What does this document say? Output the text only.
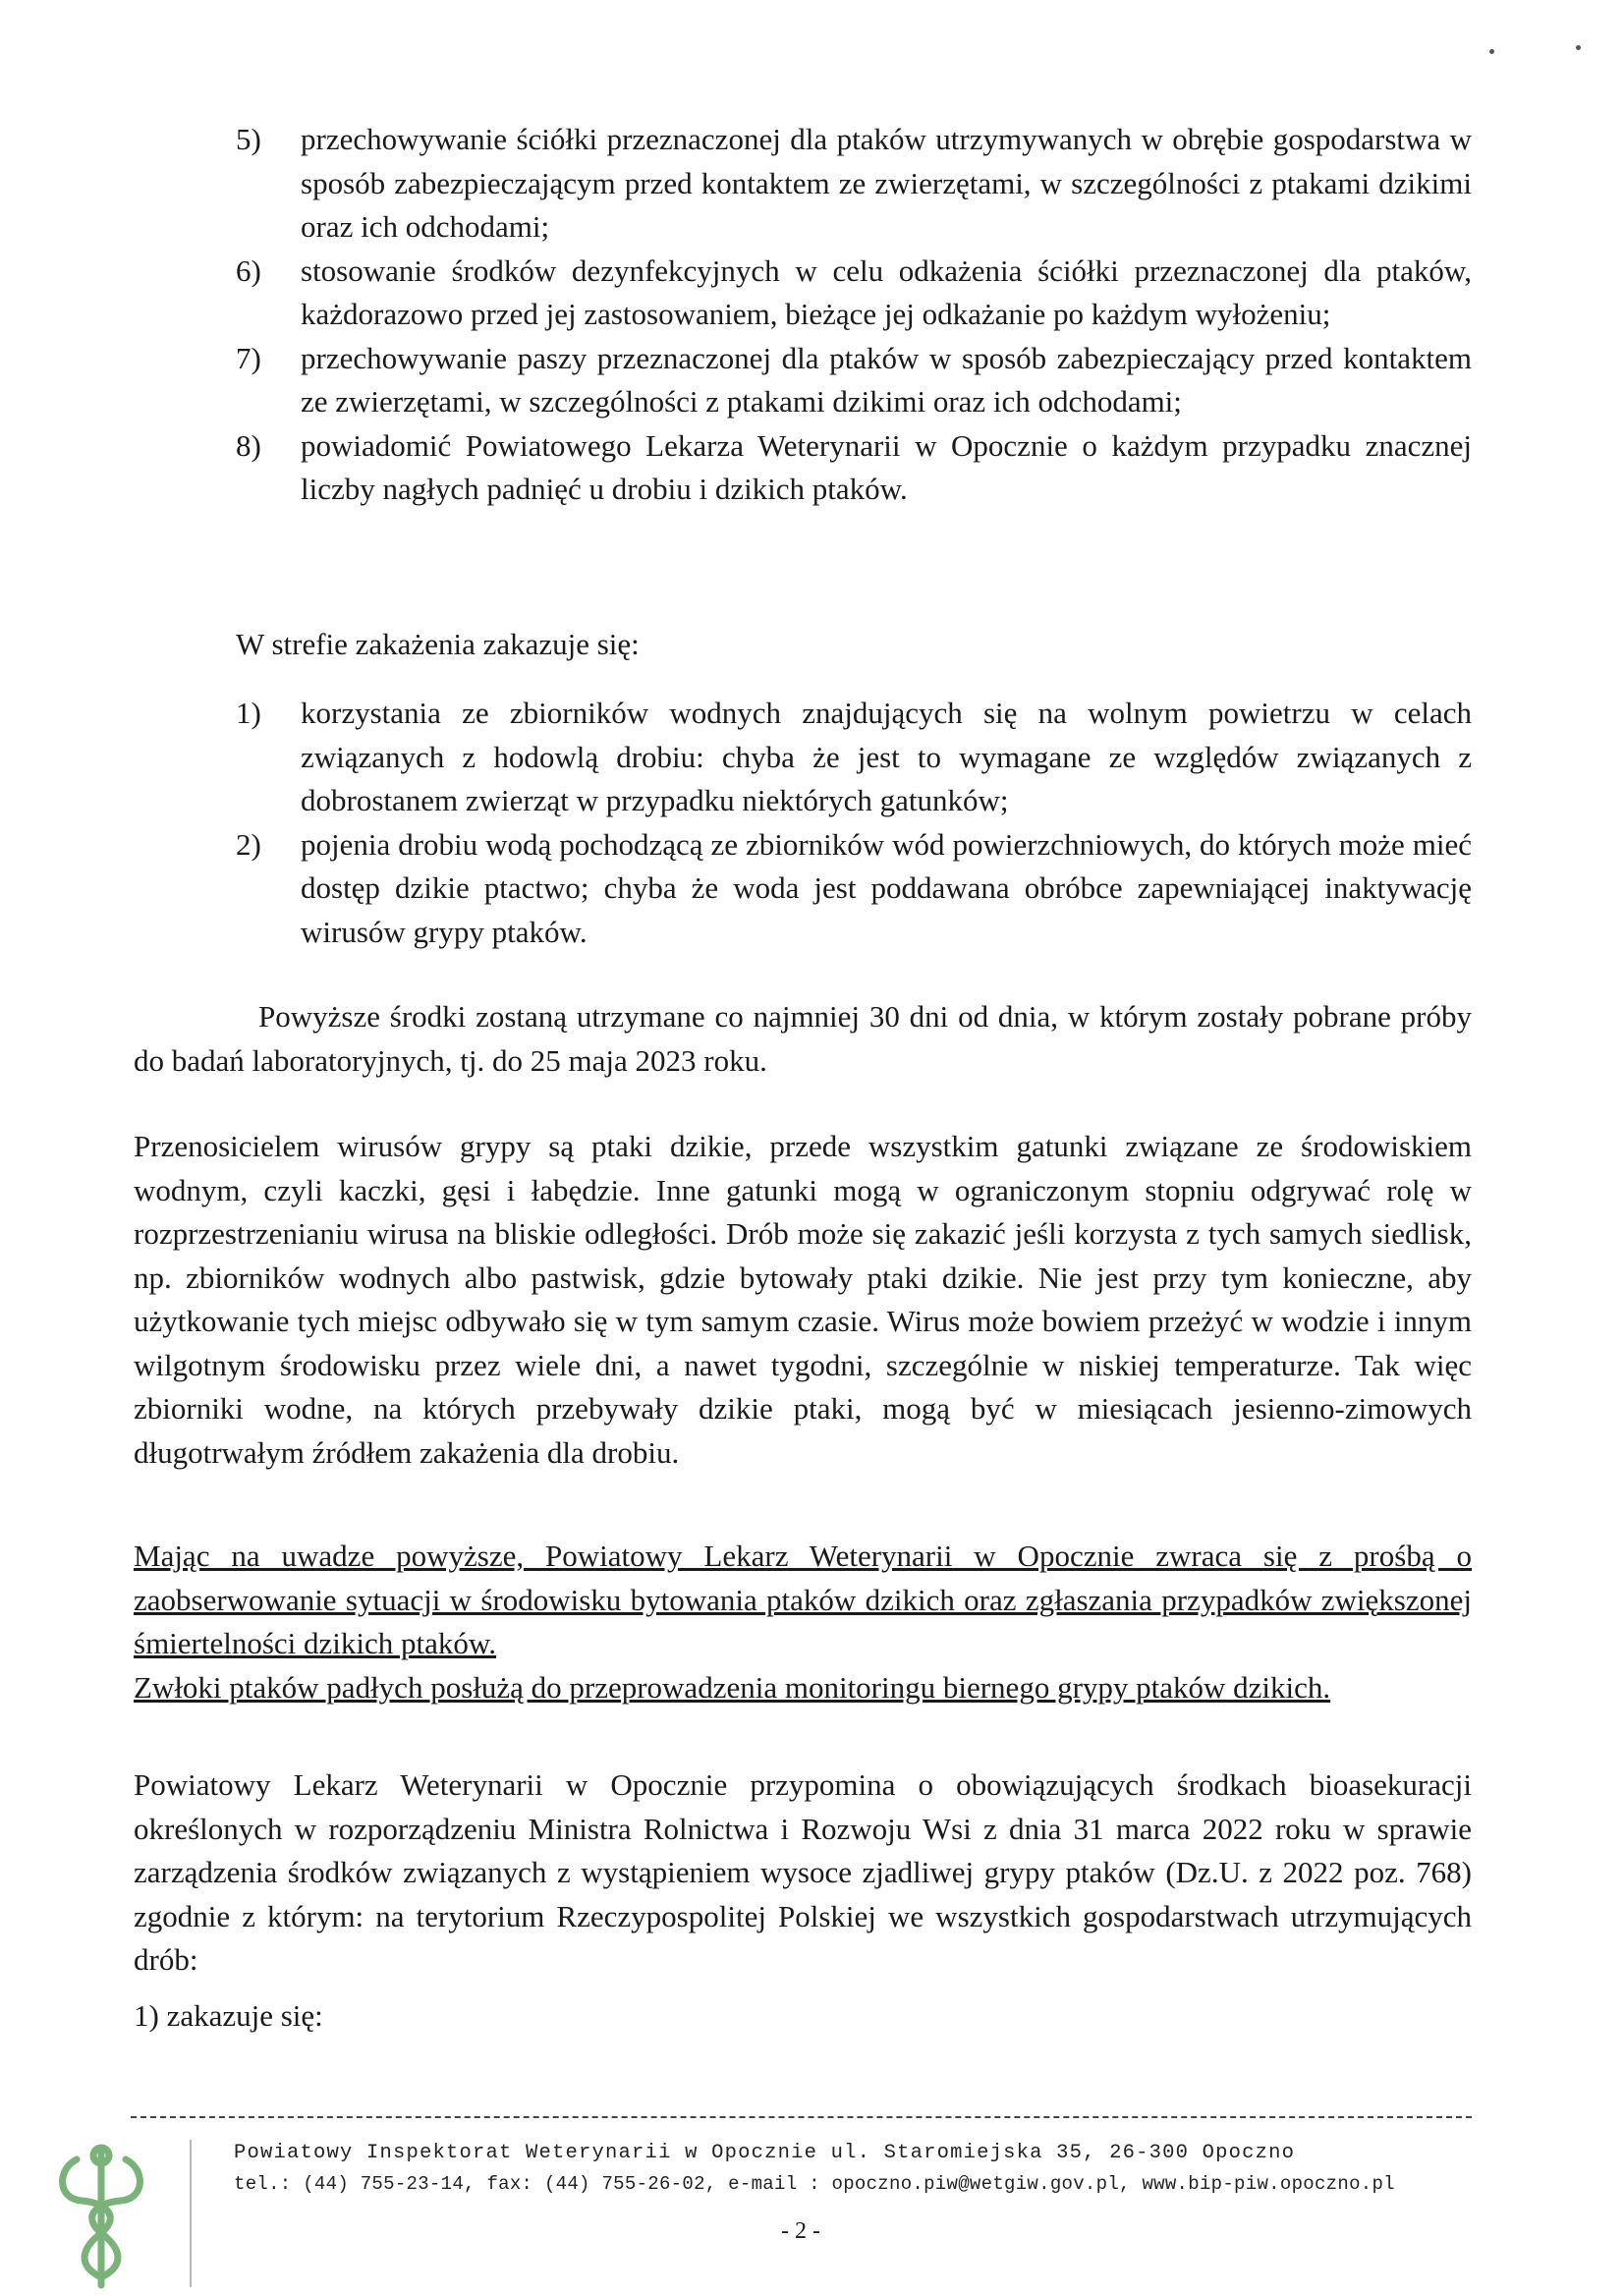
5) przechowywanie ściółki przeznaczonej dla ptaków utrzymywanych w obrębie gospodarstwa w sposób zabezpieczającym przed kontaktem ze zwierzętami, w szczególności z ptakami dzikimi oraz ich odchodami;
6) stosowanie środków dezynfekcyjnych w celu odkażenia ściółki przeznaczonej dla ptaków, każdorazowo przed jej zastosowaniem, bieżące jej odkażanie po każdym wyłożeniu;
7) przechowywanie paszy przeznaczonej dla ptaków w sposób zabezpieczający przed kontaktem ze zwierzętami, w szczególności z ptakami dzikimi oraz ich odchodami;
8) powiadomić Powiatowego Lekarza Weterynarii w Opocznie o każdym przypadku znacznej liczby nagłych padnięć u drobiu i dzikich ptaków.

W strefie zakażenia zakazuje się:

1) korzystania ze zbiorników wodnych znajdujących się na wolnym powietrzu w celach związanych z hodowlą drobiu: chyba że jest to wymagane ze względów związanych z dobrostanem zwierząt w przypadku niektórych gatunków;
2) pojenia drobiu wodą pochodzącą ze zbiorników wód powierzchniowych, do których może mieć dostęp dzikie ptactwo; chyba że woda jest poddawana obróbce zapewniającej inaktywację wirusów grypy ptaków.

Powyższe środki zostaną utrzymane co najmniej 30 dni od dnia, w którym zostały pobrane próby do badań laboratoryjnych, tj. do 25 maja 2023 roku.

Przenosicielem wirusów grypy są ptaki dzikie, przede wszystkim gatunki związane ze środowiskiem wodnym, czyli kaczki, gęsi i łabędzie. Inne gatunki mogą w ograniczonym stopniu odgrywać rolę w rozprzestrzenianiu wirusa na bliskie odległości. Drób może się zakazić jeśli korzysta z tych samych siedlisk, np. zbiorników wodnych albo pastwisk, gdzie bytowały ptaki dzikie. Nie jest przy tym konieczne, aby użytkowanie tych miejsc odbywało się w tym samym czasie. Wirus może bowiem przeżyć w wodzie i innym wilgotnym środowisku przez wiele dni, a nawet tygodni, szczególnie w niskiej temperaturze. Tak więc zbiorniki wodne, na których przebywały dzikie ptaki, mogą być w miesiącach jesienno-zimowych długotrwałym źródłem zakażenia dla drobiu.

Mając na uwadze powyższe, Powiatowy Lekarz Weterynarii w Opocznie zwraca się z prośbą o zaobserwowanie sytuacji w środowisku bytowania ptaków dzikich oraz zgłaszania przypadków zwiększonej śmiertelności dzikich ptaków.

Zwłoki ptaków padłych posłużą do przeprowadzenia monitoringu biernego grypy ptaków dzikich.

Powiatowy Lekarz Weterynarii w Opocznie przypomina o obowiązujących środkach bioasekuracji określonych w rozporządzeniu Ministra Rolnictwa i Rozwoju Wsi z dnia 31 marca 2022 roku w sprawie zarządzenia środków związanych z wystąpieniem wysoce zjadliwej grypy ptaków (Dz.U. z 2022 poz. 768) zgodnie z którym: na terytorium Rzeczypospolitej Polskiej we wszystkich gospodarstwach utrzymujących drób:

1) zakazuje się:

Powiatowy Inspektorat Weterynarii w Opocznie ul. Staromiejska 35, 26-300 Opoczno
tel.: (44) 755-23-14, fax: (44) 755-26-02, e-mail : opoczno.piw@wetgiw.gov.pl, www.bip-piw.opoczno.pl
- 2 -
